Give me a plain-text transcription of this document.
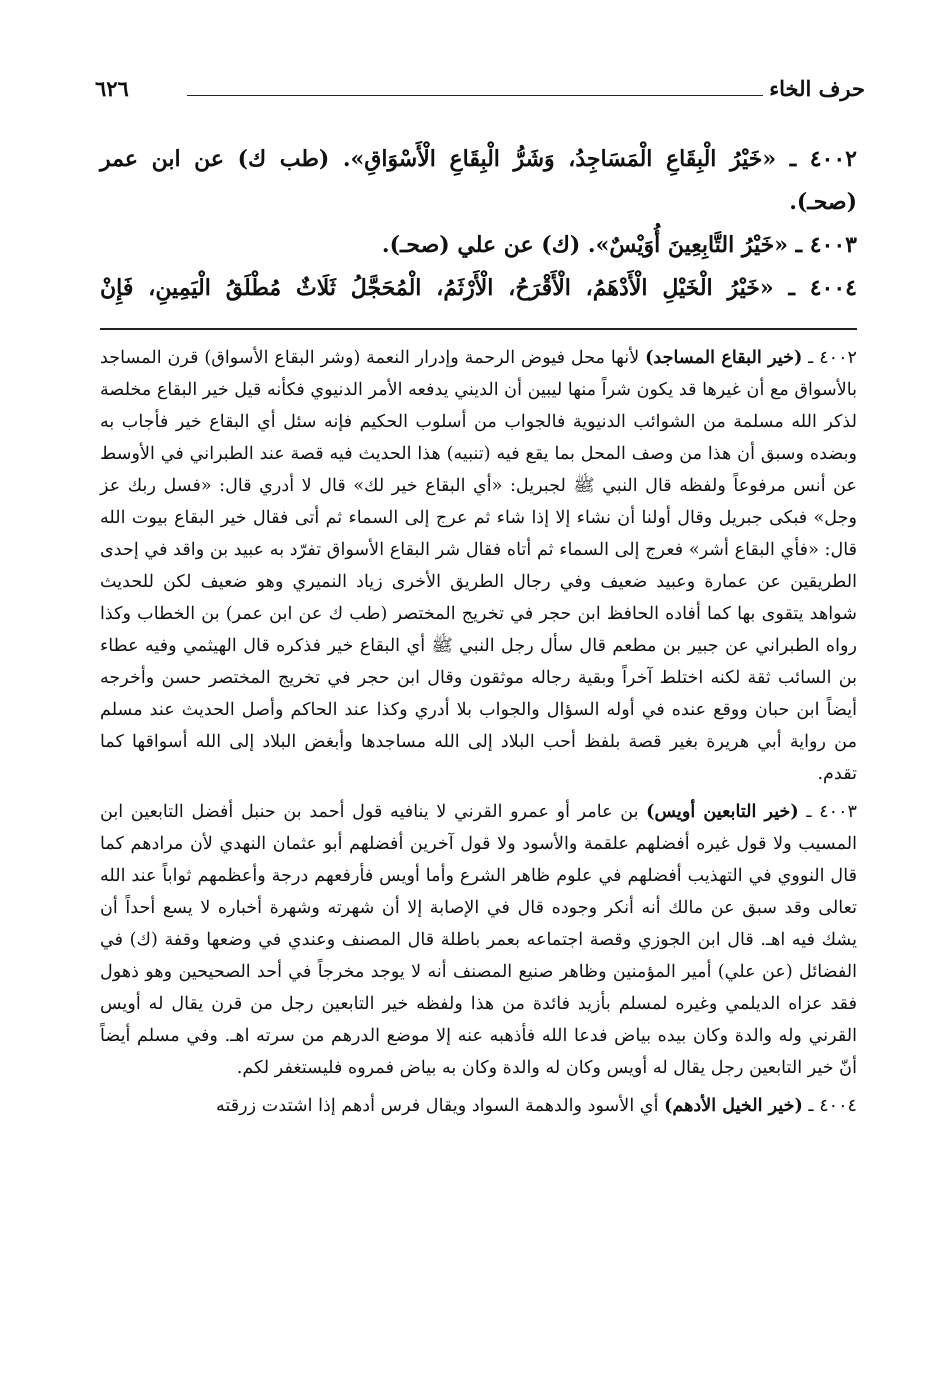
حرف الخاء
٦٢٦

٤٠٠٢ ـ «خَيْرُ الْبِقَاعِ الْمَسَاجِدُ، وَشَرُّ الْبِقَاعِ الْأَسْوَاقِ». (طب ك) عن ابن عمر (صحـ).

٤٠٠٣ ـ «خَيْرُ التَّابِعِينَ أُوَيْسٌ». (ك) عن علي (صحـ).

٤٠٠٤ ـ «خَيْرُ الْخَيْلِ الْأَدْهَمُ، الْأَقْرَحُ، الْأَرْثَمُ، الْمُحَجَّلُ ثَلَاثٌ مُطْلَقُ الْيَمِينِ، فَإِنْ

٤٠٠٢ ـ (خير البقاع المساجد) لأنها محل فيوض الرحمة وإدرار النعمة (وشر البقاع الأسواق) قرن المساجد بالأسواق مع أن غيرها قد يكون شراً منها ليبين أن الديني يدفعه الأمر الدنيوي فكأنه قيل خير البقاع مخلصة لذكر الله مسلمة من الشوائب الدنيوية فالجواب من أسلوب الحكيم فإنه سئل أي البقاع خير فأجاب به وبضده وسبق أن هذا من وصف المحل بما يقع فيه (تنبيه) هذا الحديث فيه قصة عند الطبراني في الأوسط عن أنس مرفوعاً ولفظه قال النبي ﷺ لجبريل: «أي البقاع خير لك» قال لا أدري قال: «فسل ربك عز وجل» فبكى جبريل وقال أولنا أن نشاء إلا إذا شاء ثم عرج إلى السماء ثم أتى فقال خير البقاع بيوت الله قال: «فأي البقاع أشر» فعرج إلى السماء ثم أتاه فقال شر البقاع الأسواق تفرّد به عبيد بن واقد في إحدى الطريقين عن عمارة وعبيد ضعيف وفي رجال الطريق الأخرى زياد النميري وهو ضعيف لكن للحديث شواهد يتقوى بها كما أفاده الحافظ ابن حجر في تخريج المختصر (طب ك عن ابن عمر) بن الخطاب وكذا رواه الطبراني عن جبير بن مطعم قال سأل رجل النبي ﷺ أي البقاع خير فذكره قال الهيثمي وفيه عطاء بن السائب ثقة لكنه اختلط آخراً وبقية رجاله موثقون وقال ابن حجر في تخريج المختصر حسن وأخرجه أيضاً ابن حبان ووقع عنده في أوله السؤال والجواب بلا أدري وكذا عند الحاكم وأصل الحديث عند مسلم من رواية أبي هريرة بغير قصة بلفظ أحب البلاد إلى الله مساجدها وأبغض البلاد إلى الله أسواقها كما تقدم.

٤٠٠٣ ـ (خير التابعين أويس) بن عامر أو عمرو القرني لا ينافيه قول أحمد بن حنبل أفضل التابعين ابن المسيب ولا قول غيره أفضلهم علقمة والأسود ولا قول آخرين أفضلهم أبو عثمان النهدي لأن مرادهم كما قال النووي في التهذيب أفضلهم في علوم ظاهر الشرع وأما أويس فأرفعهم درجة وأعظمهم ثواباً عند الله تعالى وقد سبق عن مالك أنه أنكر وجوده قال في الإصابة إلا أن شهرته وشهرة أخباره لا يسع أحداً أن يشك فيه اهـ. قال ابن الجوزي وقصة اجتماعه بعمر باطلة قال المصنف وعندي في وضعها وقفة (ك) في الفضائل (عن علي) أمير المؤمنين وظاهر صنيع المصنف أنه لا يوجد مخرجاً في أحد الصحيحين وهو ذهول فقد عزاه الديلمي وغيره لمسلم بأزيد فائدة من هذا ولفظه خير التابعين رجل من قرن يقال له أويس القرني وله والدة وكان بيده بياض فدعا الله فأذهبه عنه إلا موضع الدرهم من سرته اهـ. وفي مسلم أيضاً أنّ خير التابعين رجل يقال له أويس وكان له والدة وكان به بياض فمروه فليستغفر لكم.

٤٠٠٤ ـ (خير الخيل الأدهم) أي الأسود والدهمة السواد ويقال فرس أدهم إذا اشتدت زرقته
